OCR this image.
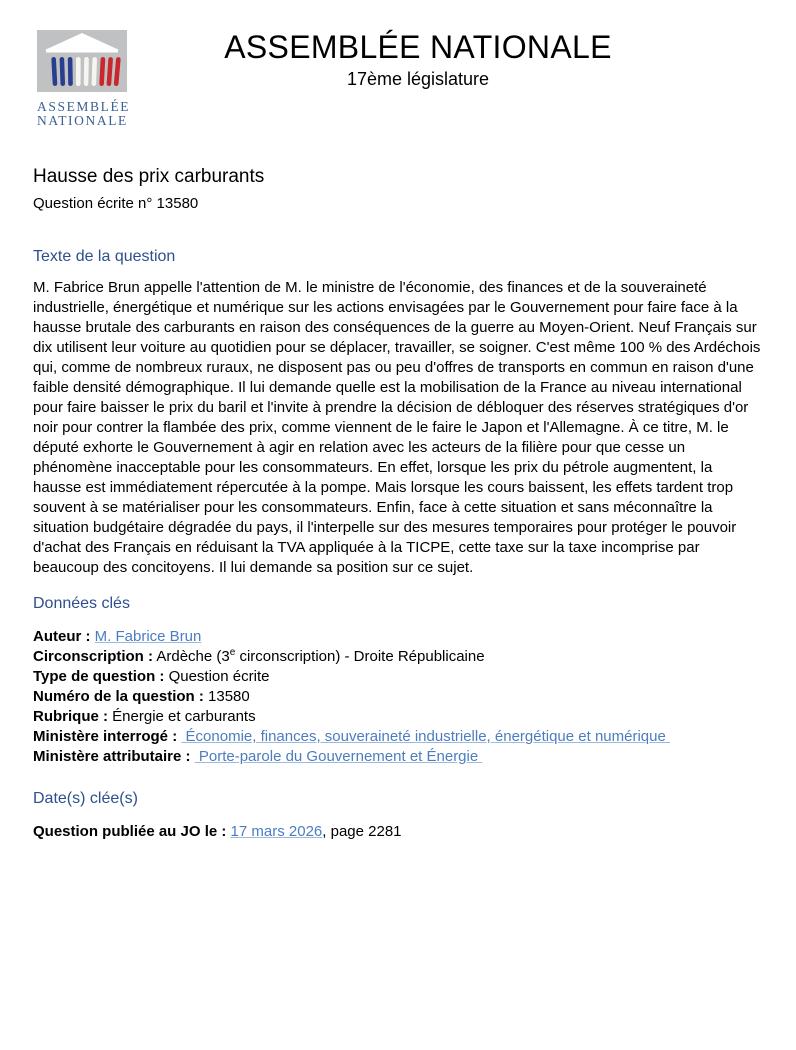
ASSEMBLÉE
NATIONALE
ASSEMBLÉE NATIONALE
17ème législature
Hausse des prix carburants
Question écrite n° 13580
Texte de la question

M. Fabrice Brun appelle l'attention de M. le ministre de l'économie, des finances et de la souveraineté industrielle, énergétique et numérique sur les actions envisagées par le Gouvernement pour faire face à la hausse brutale des carburants en raison des conséquences de la guerre au Moyen-Orient. Neuf Français sur dix utilisent leur voiture au quotidien pour se déplacer, travailler, se soigner. C'est même 100 % des Ardéchois qui, comme de nombreux ruraux, ne disposent pas ou peu d'offres de transports en commun en raison d'une faible densité démographique. Il lui demande quelle est la mobilisation de la France au niveau international pour faire baisser le prix du baril et l'invite à prendre la décision de débloquer des réserves stratégiques d'or noir pour contrer la flambée des prix, comme viennent de le faire le Japon et l'Allemagne. À ce titre, M. le député exhorte le Gouvernement à agir en relation avec les acteurs de la filière pour que cesse un phénomène inacceptable pour les consommateurs. En effet, lorsque les prix du pétrole augmentent, la hausse est immédiatement répercutée à la pompe. Mais lorsque les cours baissent, les effets tardent trop souvent à se matérialiser pour les consommateurs. Enfin, face à cette situation et sans méconnaître la situation budgétaire dégradée du pays, il l'interpelle sur des mesures temporaires pour protéger le pouvoir d'achat des Français en réduisant la TVA appliquée à la TICPE, cette taxe sur la taxe incomprise par beaucoup des concitoyens. Il lui demande sa position sur ce sujet.

Données clés
Auteur : M. Fabrice Brun
Circonscription : Ardèche (3e circonscription) - Droite Républicaine
Type de question : Question écrite
Numéro de la question : 13580
Rubrique : Énergie et carburants
Ministère interrogé :  Économie, finances, souveraineté industrielle, énergétique et numérique
Ministère attributaire :  Porte-parole du Gouvernement et Énergie
Date(s) clée(s)
Question publiée au JO le : 17 mars 2026, page 2281
